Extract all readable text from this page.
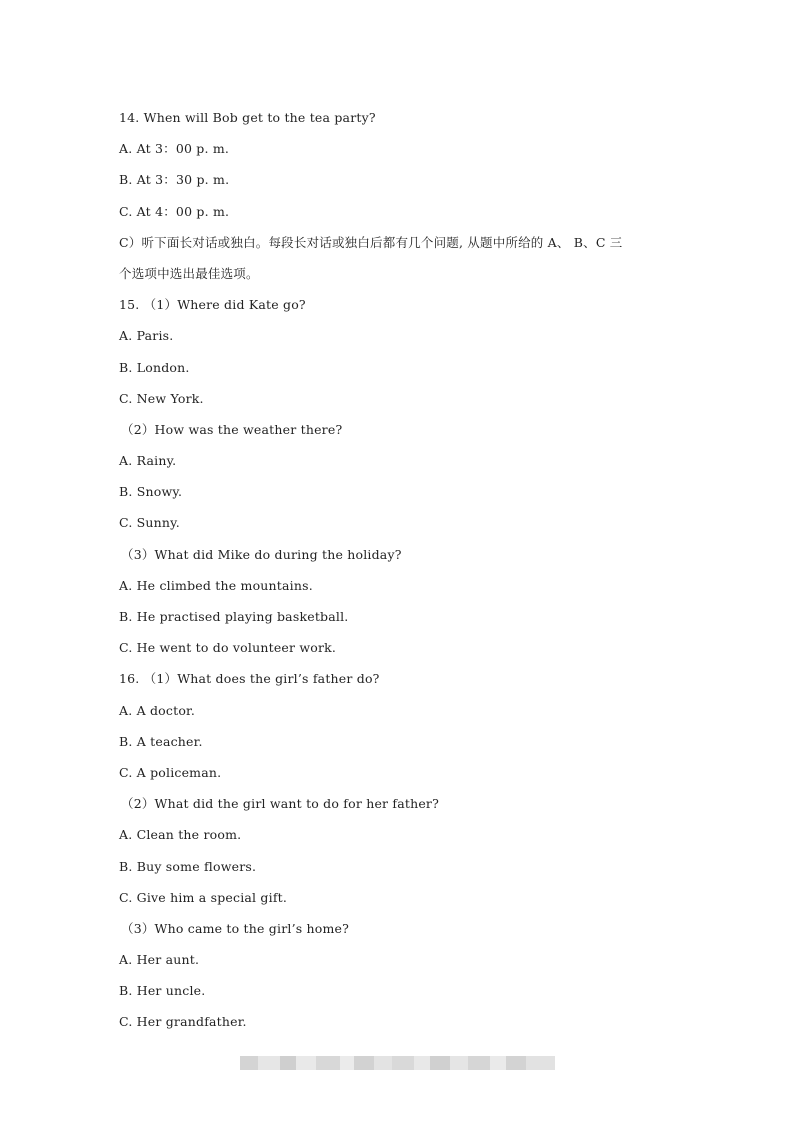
14. When will Bob get to the tea party?
A. At 3：00 p. m.
B. At 3：30 p. m.
C. At 4：00 p. m.
C）听下面长对话或独白。每段长对话或独白后都有几个问题, 从题中所给的 A、 B、C 三
个选项中选出最佳选项。
15. （1）Where did Kate go?
A. Paris.
B. London.
C. New York.
（2）How was the weather there?
A. Rainy.
B. Snowy.
C. Sunny.
（3）What did Mike do during the holiday?
A. He climbed the mountains.
B. He practised playing basketball.
C. He went to do volunteer work.
16. （1）What does the girl’s father do?
A. A doctor.
B. A teacher.
C. A policeman.
（2）What did the girl want to do for her father?
A. Clean the room.
B. Buy some flowers.
C. Give him a special gift.
（3）Who came to the girl’s home?
A. Her aunt.
B. Her uncle.
C. Her grandfather.
